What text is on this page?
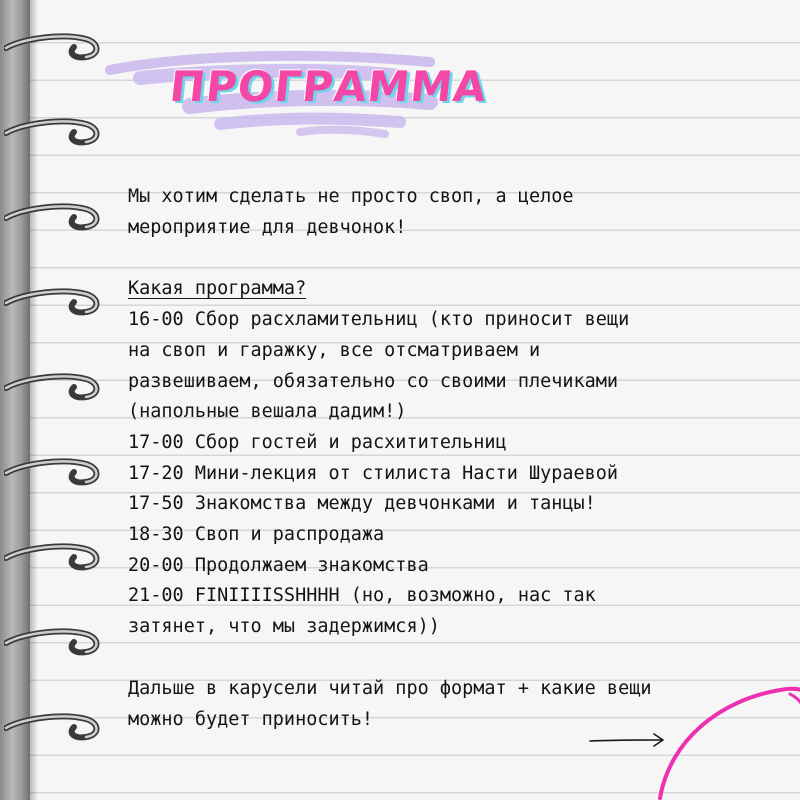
ПРОГРАММА
Мы хотим сделать не просто своп, а целое
мероприятие для девчонок!
Какая программа?
16-00 Сбор расхламительниц (кто приносит вещи
на своп и гаражку, все отсматриваем и
развешиваем, обязательно со своими плечиками
(напольные вешала дадим!)
17-00 Сбор гостей и расхитительниц
17-20 Мини-лекция от стилиста Насти Шураевой
17-50 Знакомства между девчонками и танцы!
18-30 Своп и распродажа
20-00 Продолжаем знакомства
21-00 FINIIIISSHHHH (но, возможно, нас так
затянет, что мы задержимся))
Дальше в карусели читай про формат + какие вещи
можно будет приносить!
